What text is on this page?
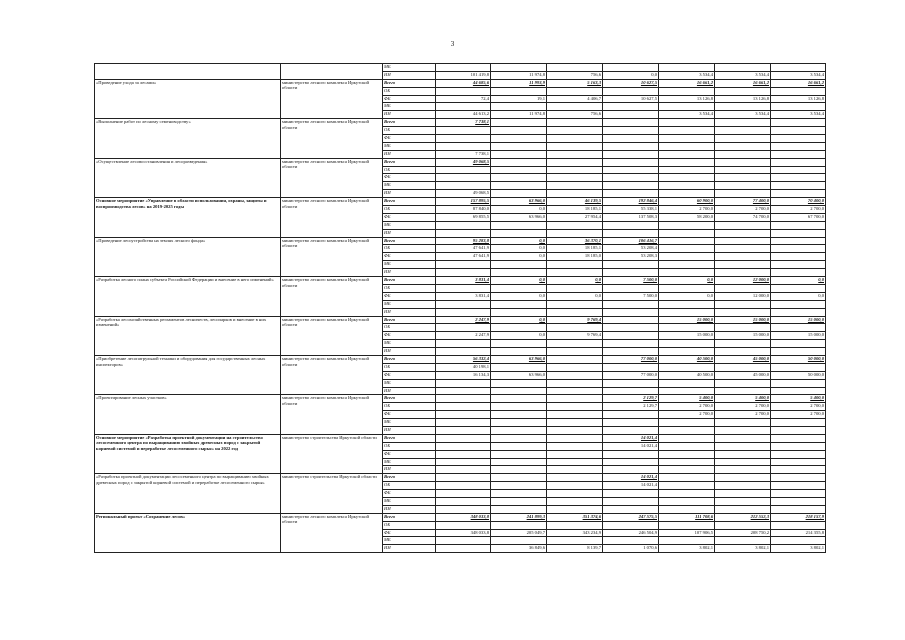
3
		МБ							
		ИИ	101 419,8	11 974,8	756,6	0,0	3 534,4	3 534,4	3 534,4
«Проведение ухода за лесами»	министерство лесного комплекса Иркутской области	Всего	44 685,6	11 993,9	5 163,3	10 627,5	16 661,2	16 661,2	16 661,2
		ОБ							
		ФБ	72,4	19,1	4 406,7	10 627,5	13 126,8	13 126,8	13 126,8
		МБ							
		ИИ	44 613,2	11 974,8	756,6		3 534,4	3 534,4	3 534,4
«Выполнение работ по лесному семеноводству»	министерство лесного комплекса Иркутской области	Всего	7 738,1						
		ОБ							
		ФБ							
		МБ							
		ИИ	7 738,1						
«Осуществление лесовосстановления и лесоразведения»	министерство лесного комплекса Иркутской области	Всего	49 068,5						
		ОБ							
		ФБ							
		МБ							
		ИИ	49 068,5						
Основное мероприятие «Управление в области использования, охраны, защиты и воспроизводства лесов» на 2019-2025 годы	министерство лесного комплекса Иркутской области	Всего	157 895,5	63 966,0	46 139,5	192 846,4	60 900,0	77 400,0	70 400,0
		ОБ	87 840,0	0,0	18 185,1	55 338,1	2 700,0	2 700,0	2 700,0
		ФБ	69 855,5	63 966,0	27 954,4	137 508,3	58 200,0	74 700,0	67 700,0
		МБ							
		ИИ							
«Проведение лесоустройства на землях лесного фонда»	министерство лесного комплекса Иркутской области	Всего	95 283,8	0,0	36 370,1	106 416,7			
		ОБ	47 641,9	0,0	18 185,1	53 208,4			
		ФБ	47 641,9	0,0	18 185,0	53 208,3			
		МБ							
		ИИ							
«Разработка лесного плана субъекта Российской Федерации и внесение в него изменений»	министерство лесного комплекса Иркутской области	Всего	3 831,4	0,0	0,0	7 500,0	0,0	12 000,0	0,0
		ОБ							
		ФБ	3 831,4	0,0	0,0	7 500,0	0,0	12 000,0	0,0
		МБ							
		ИИ							
«Разработка лесохозяйственных регламентов лесничеств, лесопарков и внесение в них изменений»	министерство лесного комплекса Иркутской области	Всего	2 247,9	0,0	9 769,4		15 000,0	15 000,0	15 000,0
		ОБ							
		ФБ	2 247,9	0,0	9 769,4		15 000,0	15 000,0	15 000,0
		МБ							
		ИИ							
«Приобретение лесопатрульной техники и оборудования для государственных лесных инспекторов»	министерство лесного комплекса Иркутской области	Всего	56 332,4	63 966,0		77 000,0	40 500,0	45 000,0	50 000,0
		ОБ	40 198,1						
		ФБ	16 134,3	63 966,0		77 000,0	40 500,0	45 000,0	50 000,0
		МБ							
		ИИ							
«Проектирование лесных участков»	министерство лесного комплекса Иркутской области	Всего				2 129,7	5 400,0	5 400,0	5 400,0
		ОБ				2 129,7	2 700,0	2 700,0	2 700,0
		ФБ					2 700,0	2 700,0	2 700,0
		МБ							
		ИИ							
Основное мероприятие «Разработка проектной документации на строительство лесосеменного центра по выращиванию хвойных древесных пород с закрытой корневой системой и переработке лесосеменного сырья» на 2022 год	министерство строительства Иркутской области	Всего				14 021,4			
		ОБ				14 021,4			
		ФБ							
		МБ							
		ИИ							
«Разработка проектной документации лесосеменного центра по выращиванию хвойных древесных пород с закрытой корневой системой и переработке лесосеменного сырья»	министерство строительства Иркутской области	Всего				14 021,4			
		ОБ				14 021,4			
		ФБ							
		МБ							
		ИИ							
Региональный проект «Сохранение лесов»	министерство лесного комплекса Иркутской области	Всего	348 033,8	241 899,3	351 374,6	247 575,5	111 708,6	212 552,3	218 157,9
		ОБ							
		ФБ	348 033,8	205 049,7	343 234,9	246 504,9	107 906,5	208 750,2	214 355,8
		МБ							
		ИИ		36 849,6	8 139,7	1 070,6	3 802,1	3 802,1	3 802,1
